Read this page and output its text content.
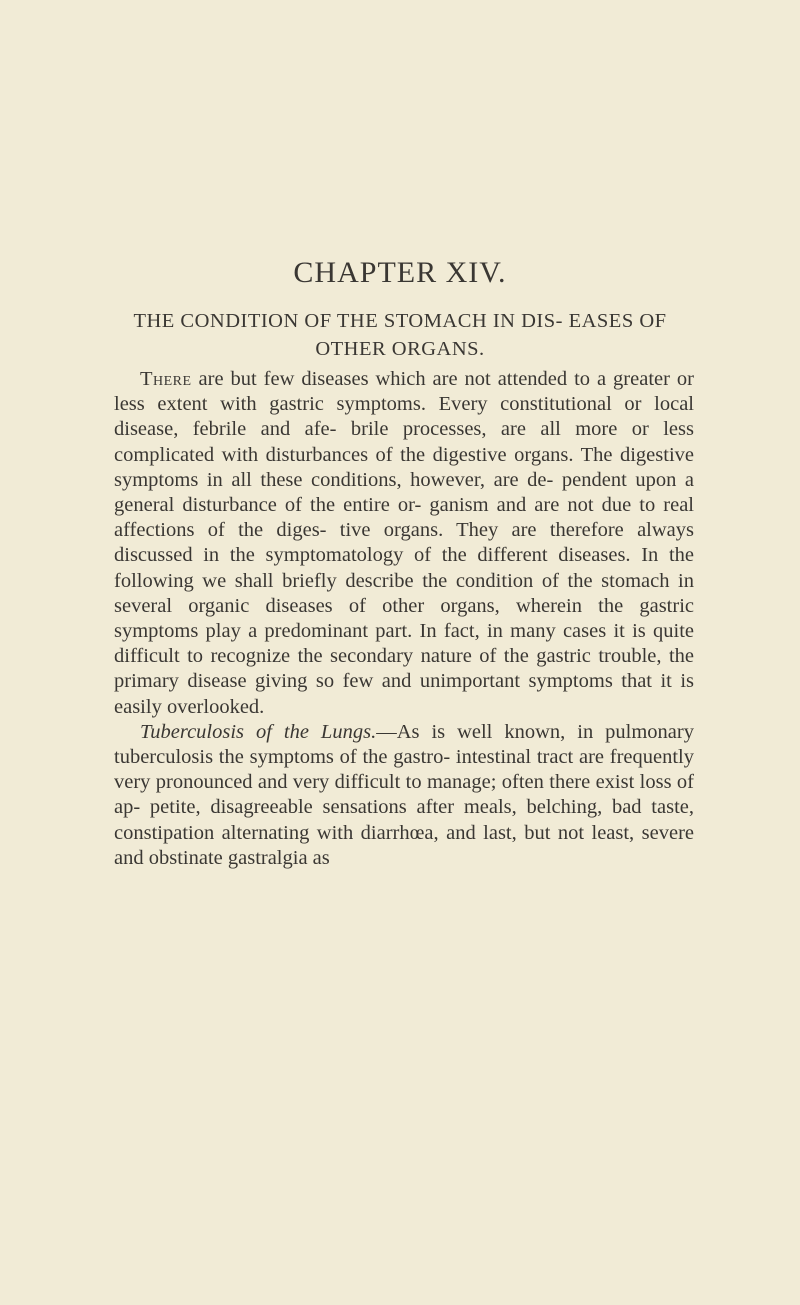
CHAPTER XIV.
THE CONDITION OF THE STOMACH IN DIS- EASES OF OTHER ORGANS.

There are but few diseases which are not attended to a greater or less extent with gastric symptoms. Every constitutional or local disease, febrile and afe- brile processes, are all more or less complicated with disturbances of the digestive organs. The digestive symptoms in all these conditions, however, are de- pendent upon a general disturbance of the entire or- ganism and are not due to real affections of the diges- tive organs. They are therefore always discussed in the symptomatology of the different diseases. In the following we shall briefly describe the condition of the stomach in several organic diseases of other organs, wherein the gastric symptoms play a predominant part. In fact, in many cases it is quite difficult to recognize the secondary nature of the gastric trouble, the primary disease giving so few and unimportant symptoms that it is easily overlooked.

Tuberculosis of the Lungs.—As is well known, in pulmonary tuberculosis the symptoms of the gastro- intestinal tract are frequently very pronounced and very difficult to manage; often there exist loss of ap- petite, disagreeable sensations after meals, belching, bad taste, constipation alternating with diarrhœa, and last, but not least, severe and obstinate gastralgia as
